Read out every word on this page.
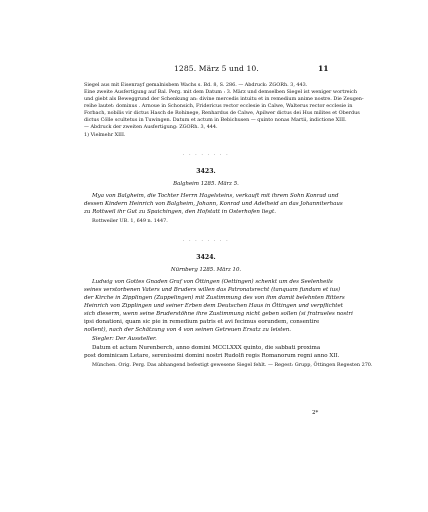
1285. März 5 und 10.	11
Siegel aus mit Eisenrayf gemalnisbem Wachs s. Bd. 8, S. 286. — Abdruck: ZGORh. 3, 443.
Eine zweite Ausfertigung auf Bal. Perg. mit dem Datum : 3. März und demselben Siegel ist weniger wortreich
und giebt als Beweggrund der Schenkung an: divine mercedis intuitu et in remedium anime nostre. Die Zeugen-
reihe lautet: dominus . Arnoue in Schonsich, Fridericus rector ecclesie in Calwe, Walterus rector ecclesie in
Forbach, nobilis vir dictus Hasch de Rohinege, Renhardus de Calwe, Apilwer dictus dei Hus milites et Oberdus
dictus Cölle scultetus in Tuwingen. Datum et actum in Bebichusen — quinto nonas Martii, indictione XIII.
— Abdruck der zweiten Ausfertigung: ZGORh. 3, 444.
1) Vielmehr XIII.
· · · · · · · ·
3423.
Balgheim 1285. März 5.
Mya von Balgheim, die Tochter Herrn Hagelsteins, verkauft mit ihrem Sohn Konrad und
dessen Kindern Heinrich von Balgheim, Johann, Konrad und Adelheid an das Johanniterhaus
zu Rottweil ihr Gut zu Spaichingen, den Hofstatt in Osterhofen liegt.
Rottweiler UB. 1, 649 n. 1447.
· · · · · · · ·
3424.
Nürnberg 1285. März 10.
Ludwig von Gottes Gnaden Graf von Öttingen (Oettingen) schenkt um des Seelenheils
seines verstorbenen Vaters und Bruders willen das Patronatsrecht (tanquam fundum et ius)
der Kirche in Zipplingen (Zuppelingen) mit Zustimmung des von ihm damit belehnten Ritters
Heinrich von Zipplingen und seiner Erben dem Deutschen Haus in Öttingen und verpflichtet
sich dieserm, wenn seine Bruderstöhne ihre Zustimmung nicht geben sollen (si fratrueles nostri
ipsi donationi, quam sic pie in remedium patris et avi fecimus eorundem, consentire
nollent), nach der Schätzung von 4 von seinen Getreuen Ersatz zu leisten.
Siegler: Der Aussteller.
Datum et actum Nurenberch, anno domini MCCLXXX quinto, die sabbati proxima
post dominicam Letare, serenissimi domini nostri Rudolfi regis Romanorum regni anno XII.
München. Orig. Perg. Das abhangend befestigt gewesene Siegel fehlt. — Regest: Grupp, Öttingen Regesten 270.
2*
